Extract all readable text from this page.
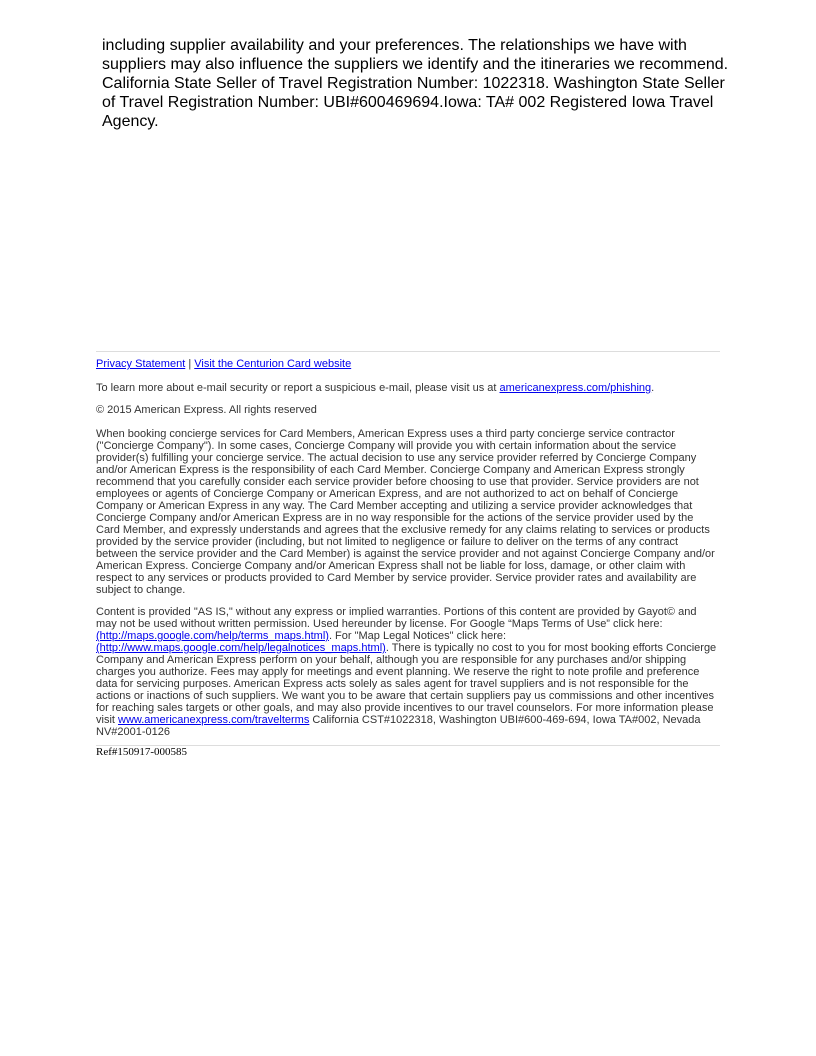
including supplier availability and your preferences. The relationships we have with suppliers may also influence the suppliers we identify and the itineraries we recommend.

California State Seller of Travel Registration Number: 1022318. Washington State Seller of Travel Registration Number: UBI#600469694.Iowa: TA# 002 Registered Iowa Travel Agency.

Privacy Statement | Visit the Centurion Card website

To learn more about e-mail security or report a suspicious e-mail, please visit us at americanexpress.com/phishing.

© 2015 American Express. All rights reserved

When booking concierge services for Card Members, American Express uses a third party concierge service contractor ("Concierge Company"). In some cases, Concierge Company will provide you with certain information about the service provider(s) fulfilling your concierge service. The actual decision to use any service provider referred by Concierge Company and/or American Express is the responsibility of each Card Member. Concierge Company and American Express strongly recommend that you carefully consider each service provider before choosing to use that provider. Service providers are not employees or agents of Concierge Company or American Express, and are not authorized to act on behalf of Concierge Company or American Express in any way. The Card Member accepting and utilizing a service provider acknowledges that Concierge Company and/or American Express are in no way responsible for the actions of the service provider used by the Card Member, and expressly understands and agrees that the exclusive remedy for any claims relating to services or products provided by the service provider (including, but not limited to negligence or failure to deliver on the terms of any contract between the service provider and the Card Member) is against the service provider and not against Concierge Company and/or American Express. Concierge Company and/or American Express shall not be liable for loss, damage, or other claim with respect to any services or products provided to Card Member by service provider. Service provider rates and availability are subject to change.

Content is provided "AS IS," without any express or implied warranties. Portions of this content are provided by Gayot© and may not be used without written permission. Used hereunder by license. For Google “Maps Terms of Use” click here: (http://maps.google.com/help/terms_maps.html). For "Map Legal Notices" click here: (http://www.maps.google.com/help/legalnotices_maps.html). There is typically no cost to you for most booking efforts Concierge Company and American Express perform on your behalf, although you are responsible for any purchases and/or shipping charges you authorize. Fees may apply for meetings and event planning. We reserve the right to note profile and preference data for servicing purposes. American Express acts solely as sales agent for travel suppliers and is not responsible for the actions or inactions of such suppliers. We want you to be aware that certain suppliers pay us commissions and other incentives for reaching sales targets or other goals, and may also provide incentives to our travel counselors. For more information please visit www.americanexpress.com/travelterms California CST#1022318, Washington UBI#600-469-694, Iowa TA#002, Nevada NV#2001-0126

Ref#150917-000585
